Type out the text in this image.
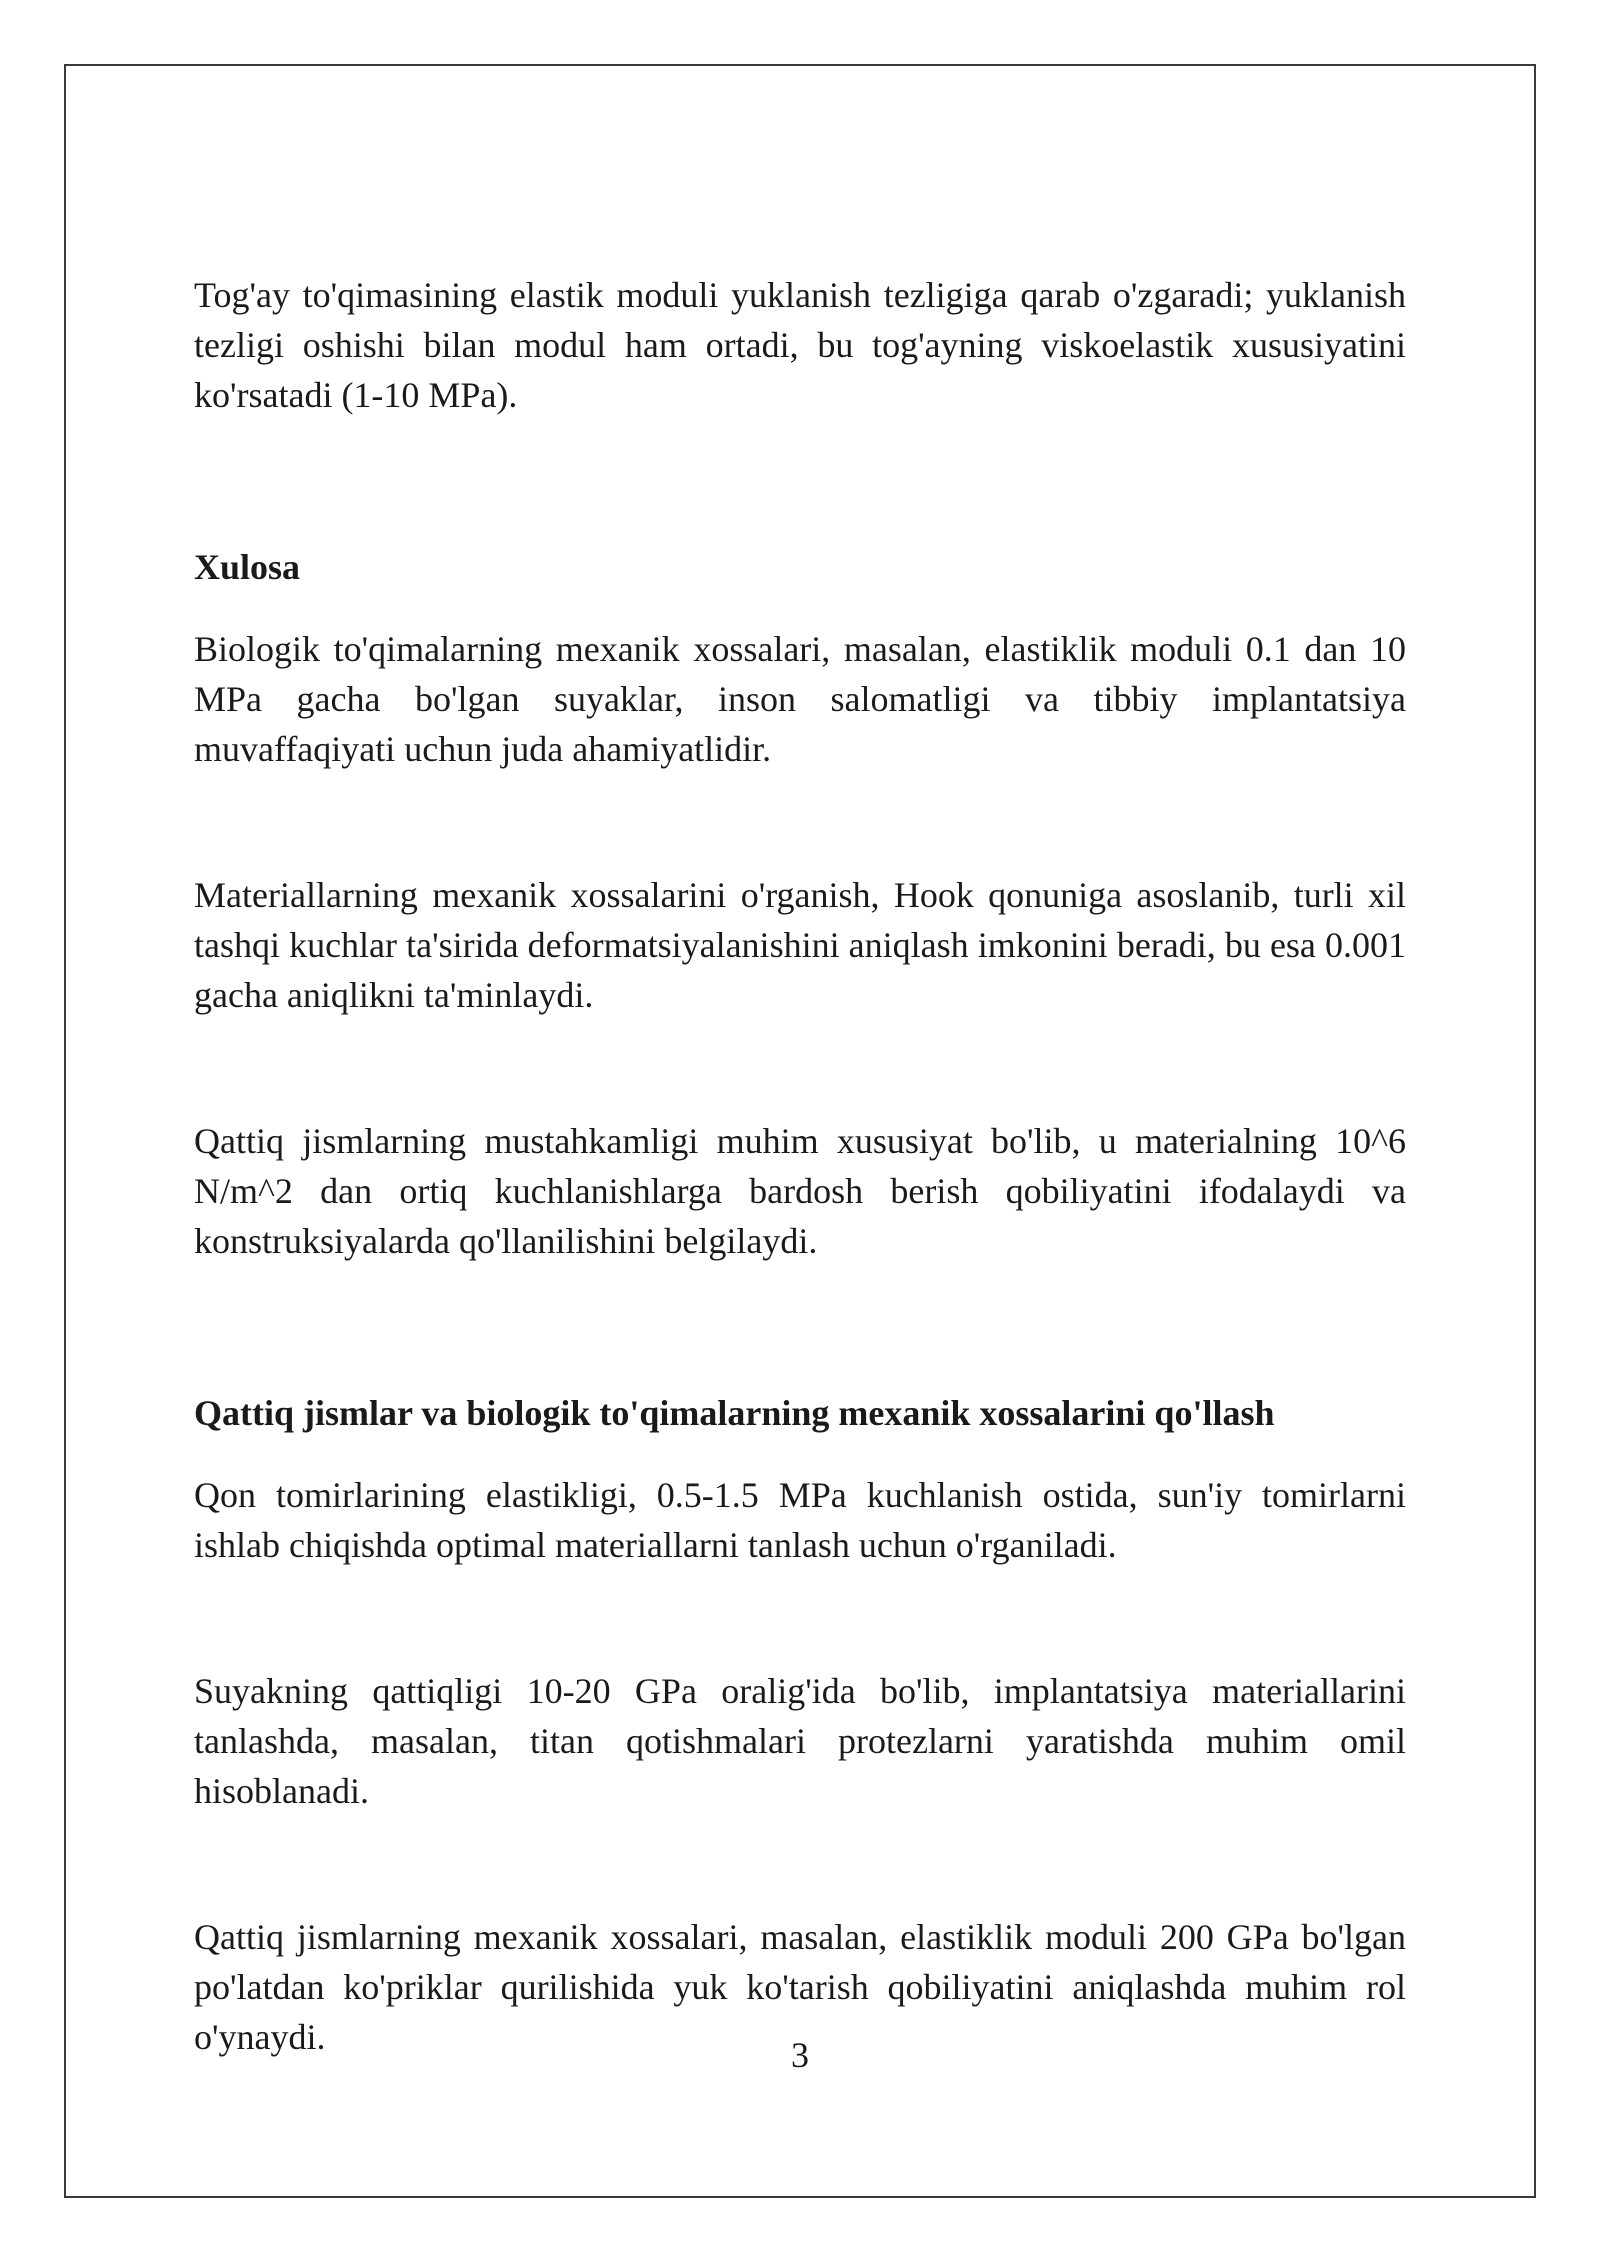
Tog'ay to'qimasining elastik moduli yuklanish tezligiga qarab o'zgaradi; yuklanish tezligi oshishi bilan modul ham ortadi, bu tog'ayning viskoelastik xususiyatini ko'rsatadi (1-10 MPa).

Xulosa

Biologik to'qimalarning mexanik xossalari, masalan, elastiklik moduli 0.1 dan 10 MPa gacha bo'lgan suyaklar, inson salomatligi va tibbiy implantatsiya muvaffaqiyati uchun juda ahamiyatlidir.

Materiallarning mexanik xossalarini o'rganish, Hook qonuniga asoslanib, turli xil tashqi kuchlar ta'sirida deformatsiyalanishini aniqlash imkonini beradi, bu esa 0.001 gacha aniqlikni ta'minlaydi.

Qattiq jismlarning mustahkamligi muhim xususiyat bo'lib, u materialning 10^6 N/m^2 dan ortiq kuchlanishlarga bardosh berish qobiliyatini ifodalaydi va konstruksiyalarda qo'llanilishini belgilaydi.

Qattiq jismlar va biologik to'qimalarning mexanik xossalarini qo'llash

Qon tomirlarining elastikligi, 0.5-1.5 MPa kuchlanish ostida, sun'iy tomirlarni ishlab chiqishda optimal materiallarni tanlash uchun o'rganiladi.

Suyakning qattiqligi 10-20 GPa oralig'ida bo'lib, implantatsiya materiallarini tanlashda, masalan, titan qotishmalari protezlarni yaratishda muhim omil hisoblanadi.

Qattiq jismlarning mexanik xossalari, masalan, elastiklik moduli 200 GPa bo'lgan po'latdan ko'priklar qurilishida yuk ko'tarish qobiliyatini aniqlashda muhim rol o'ynaydi.	3
